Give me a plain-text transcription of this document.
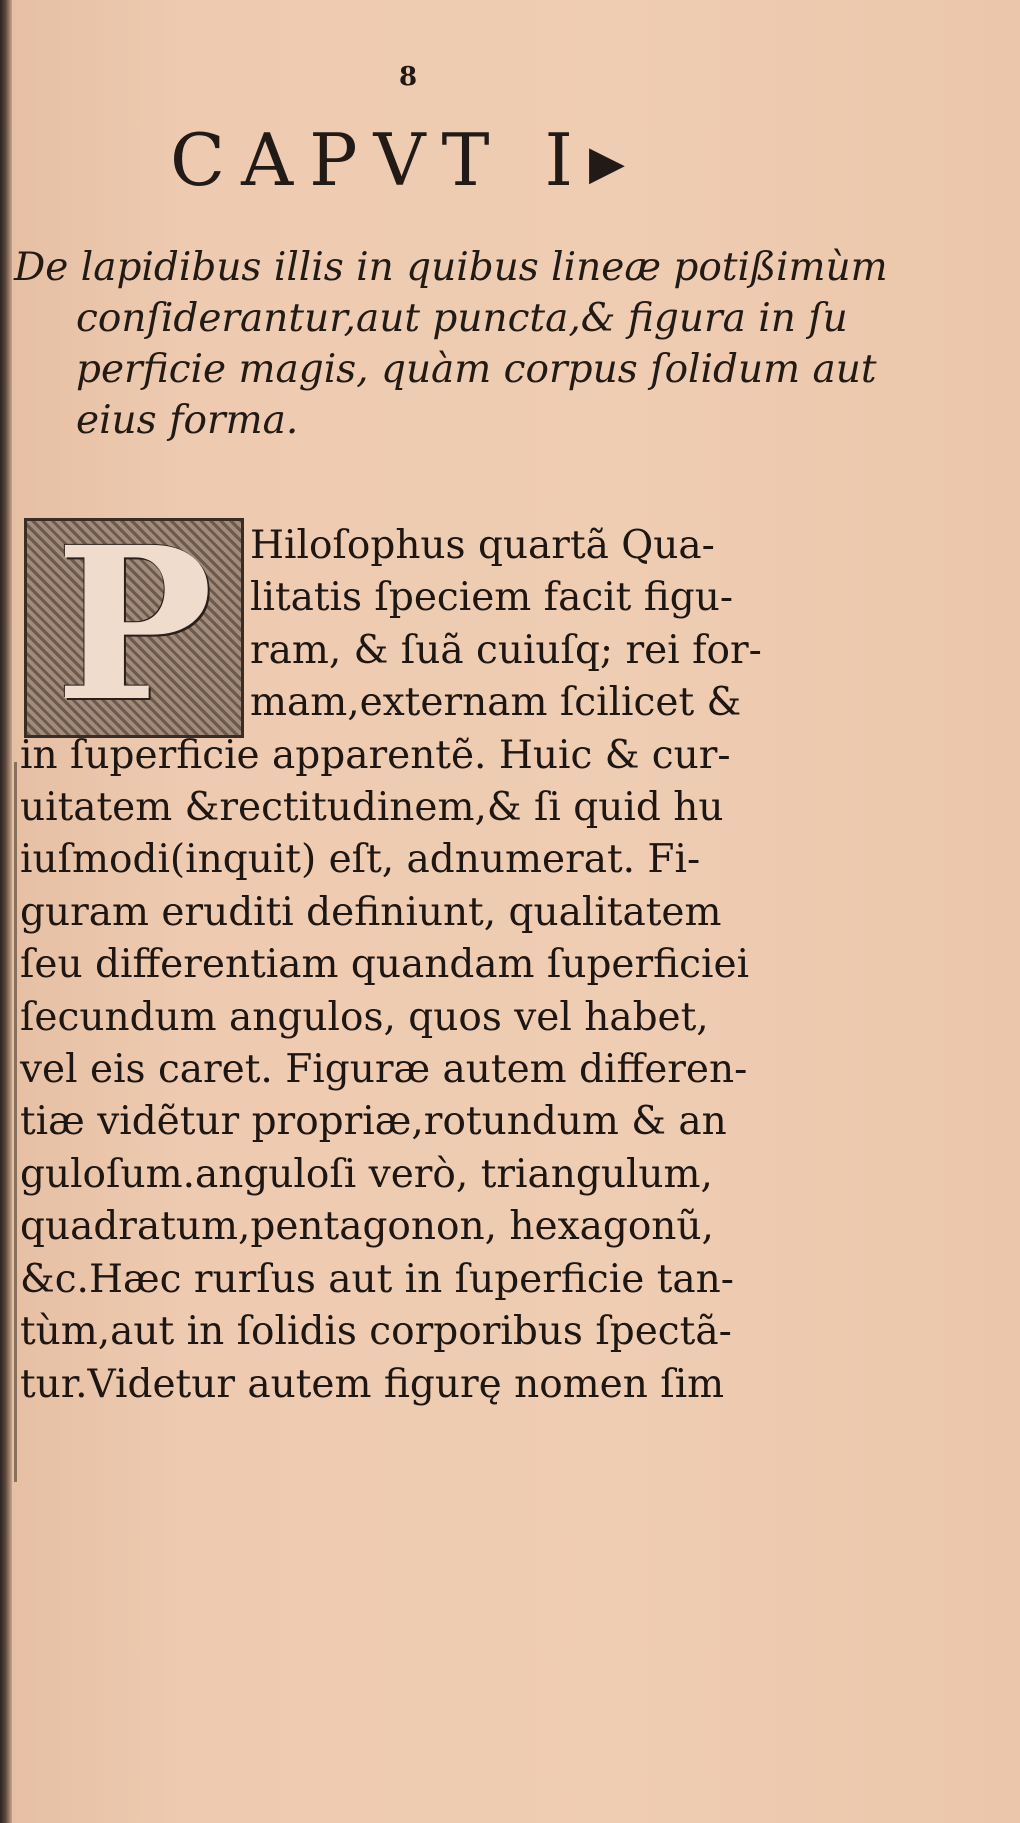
8
CAPVT I▸
De lapidibus illis in quibus lineæ potißimùm
conſiderantur,aut puncta,& figura in ſu
perficie magis, quàm corpus ſolidum aut
eius forma.
P Hiloſophus quartã Qua-
litatis ſpeciem facit figu-
ram, & ſuã cuiuſq; rei for-
mam,externam ſcilicet &
in ſuperficie apparentẽ. Huic & cur-
uitatem &rectitudinem,& ſi quid hu
iuſmodi(inquit) eſt, adnumerat. Fi-
guram eruditi definiunt, qualitatem
ſeu differentiam quandam ſuperficiei
ſecundum angulos, quos vel habet,
vel eis caret. Figuræ autem differen-
tiæ vidẽtur propriæ,rotundum & an
guloſum.anguloſi verò, triangulum,
quadratum,pentagonon, hexagonũ,
&c.Hæc rurſus aut in ſuperficie tan-
tùm,aut in ſolidis corporibus ſpectã-
tur.Videtur autem figurę nomen ſim
